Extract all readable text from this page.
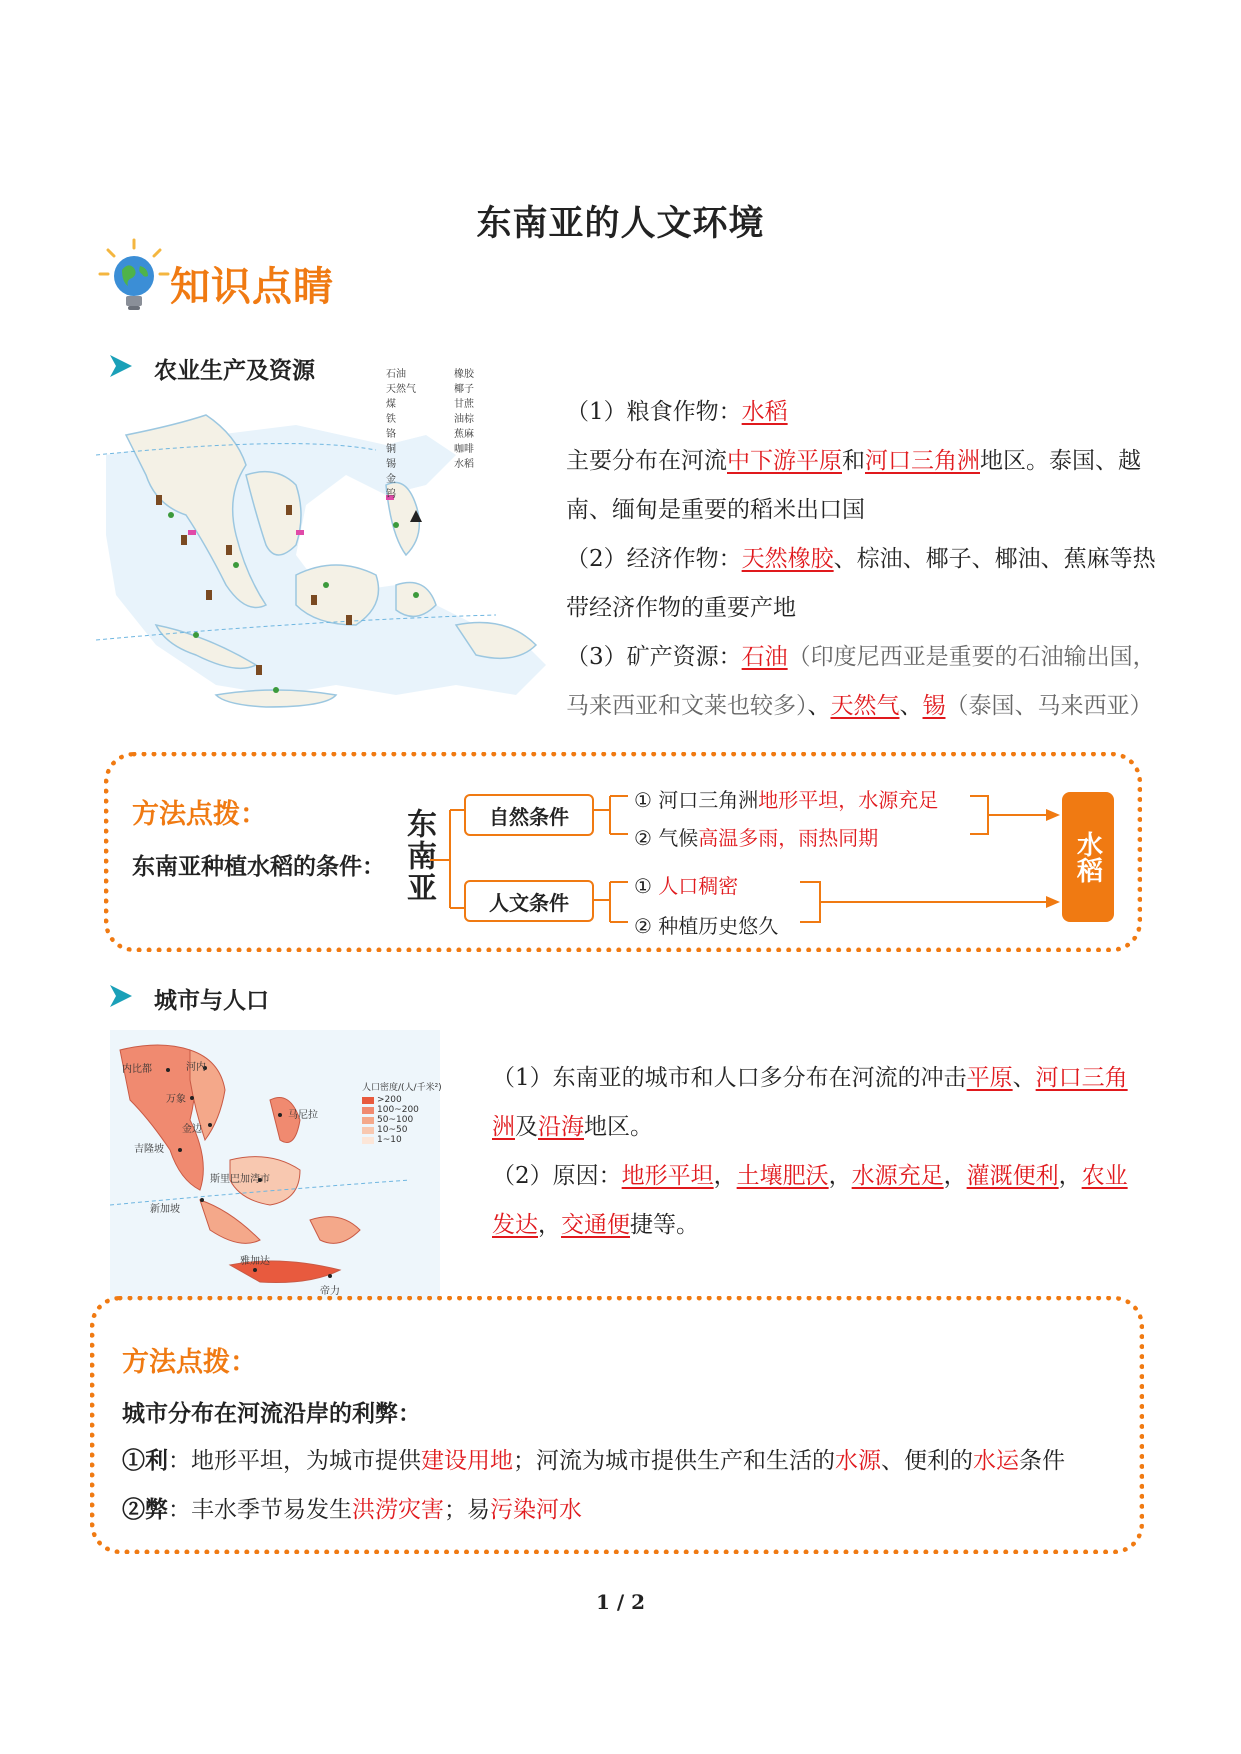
东南亚的人文环境
知识点睛
农业生产及资源	石油
天然气
煤
铁
铬
铜
锡
金
钨
橡胶
椰子
甘蔗
油棕
蕉麻
咖啡
水稻
（1）粮食作物：水稻
主要分布在河流中下游平原和河口三角洲地区。泰国、越南、缅甸是重要的稻米出口国
（2）经济作物：天然橡胶、棕油、椰子、椰油、蕉麻等热带经济作物的重要产地
（3）矿产资源：石油（印度尼西亚是重要的石油输出国，马来西亚和文莱也较多）、天然气、锡（泰国、马来西亚）
方法点拨：
东南亚种植水稻的条件： 东南亚	自然条件
人文条件
① 河口三角洲地形平坦，水源充足
② 气候高温多雨，雨热同期
① 人口稠密
② 种植历史悠久
水稻
城市与人口
内比都	河内
万象
金边
马尼拉
斯里巴加湾市
吉隆坡
新加坡
雅加达
帝力
人口密度/(人/千米²)
>200
100~200
50~100
10~50
1~10
（1）东南亚的城市和人口多分布在河流的冲击平原、河口三角洲及沿海地区。
（2）原因：地形平坦，土壤肥沃，水源充足，灌溉便利，农业发达，交通便捷等。
方法点拨：
城市分布在河流沿岸的利弊：
①利：地形平坦，为城市提供建设用地；河流为城市提供生产和生活的水源、便利的水运条件
②弊：丰水季节易发生洪涝灾害；易污染河水
1 / 2
